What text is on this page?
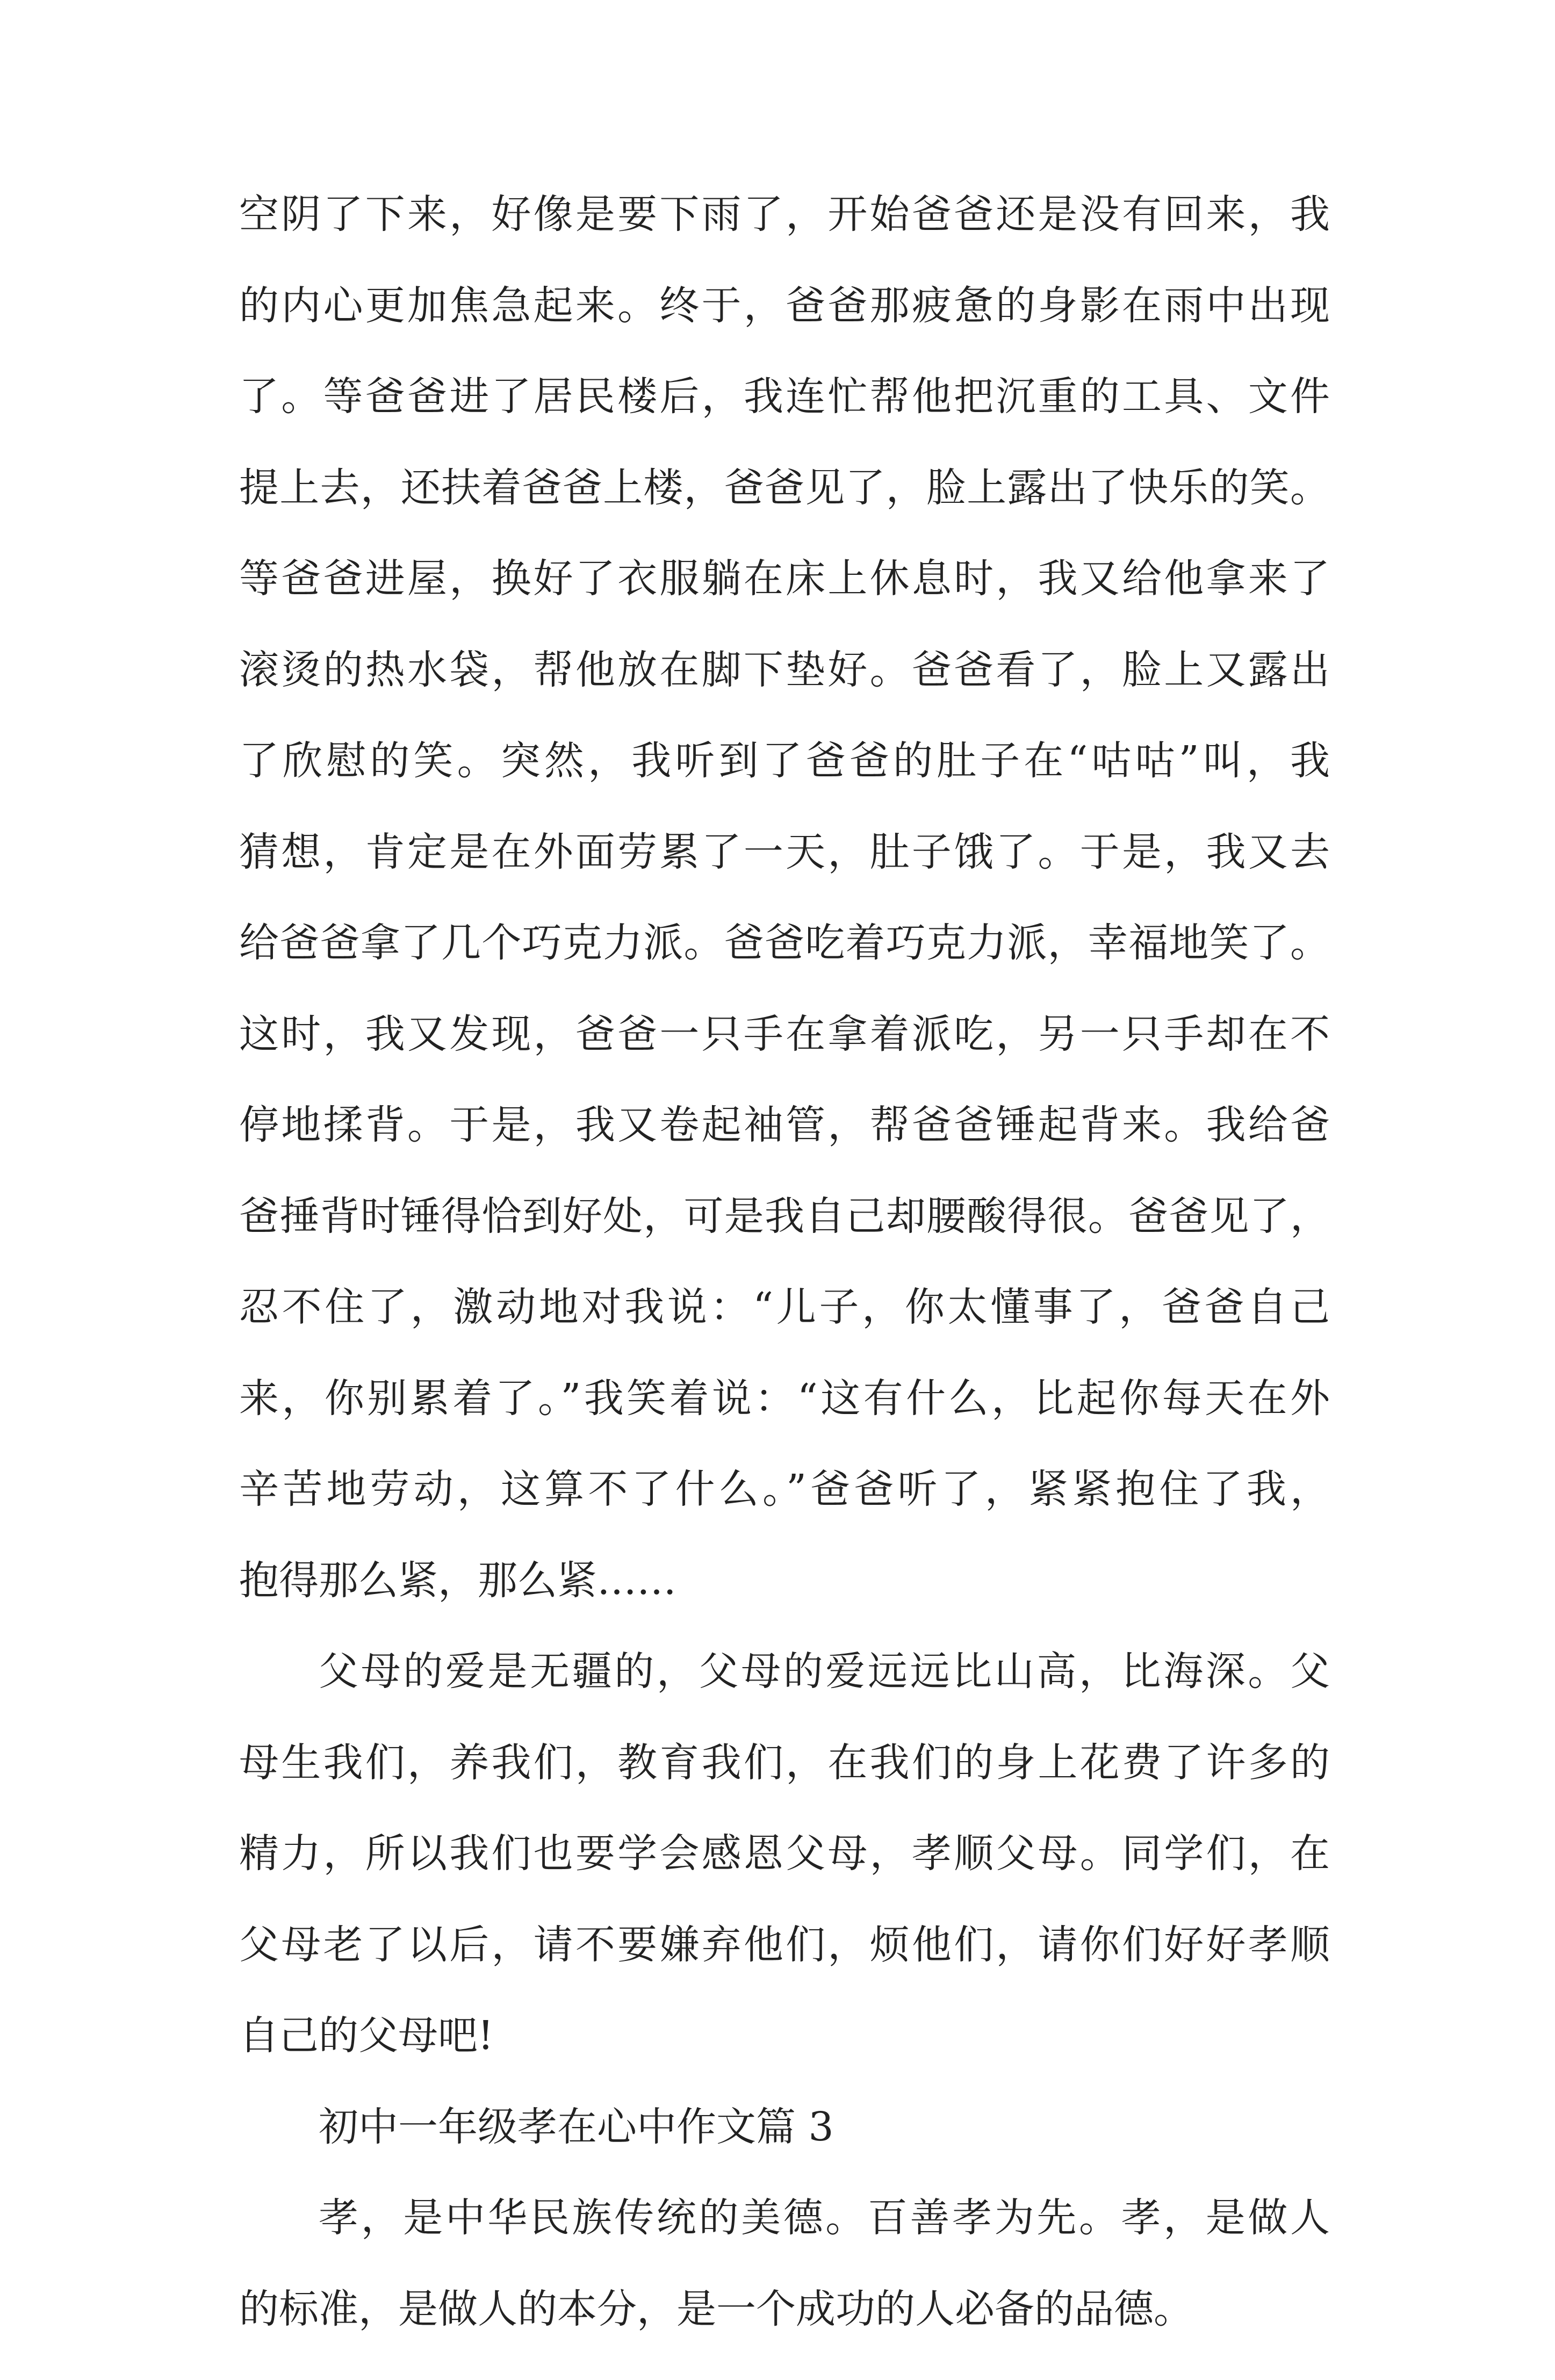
空阴了下来，好像是要下雨了，开始爸爸还是没有回来，我
的内心更加焦急起来。终于，爸爸那疲惫的身影在雨中出现
了。等爸爸进了居民楼后，我连忙帮他把沉重的工具、文件
提上去，还扶着爸爸上楼，爸爸见了，脸上露出了快乐的笑。
等爸爸进屋，换好了衣服躺在床上休息时，我又给他拿来了
滚烫的热水袋，帮他放在脚下垫好。爸爸看了，脸上又露出
了欣慰的笑。突然，我听到了爸爸的肚子在“咕咕”叫，我
猜想，肯定是在外面劳累了一天，肚子饿了。于是，我又去
给爸爸拿了几个巧克力派。爸爸吃着巧克力派，幸福地笑了。
这时，我又发现，爸爸一只手在拿着派吃，另一只手却在不
停地揉背。于是，我又卷起袖管，帮爸爸锤起背来。我给爸
爸捶背时锤得恰到好处，可是我自己却腰酸得很。爸爸见了，
忍不住了，激动地对我说：“儿子，你太懂事了，爸爸自己
来，你别累着了。”我笑着说：“这有什么，比起你每天在外
辛苦地劳动，这算不了什么。”爸爸听了，紧紧抱住了我，
抱得那么紧，那么紧……
父母的爱是无疆的，父母的爱远远比山高，比海深。父
母生我们，养我们，教育我们，在我们的身上花费了许多的
精力，所以我们也要学会感恩父母，孝顺父母。同学们，在
父母老了以后，请不要嫌弃他们，烦他们，请你们好好孝顺
自己的父母吧!
初中一年级孝在心中作文篇 3
孝，是中华民族传统的美德。百善孝为先。孝，是做人
的标准，是做人的本分，是一个成功的人必备的品德。
